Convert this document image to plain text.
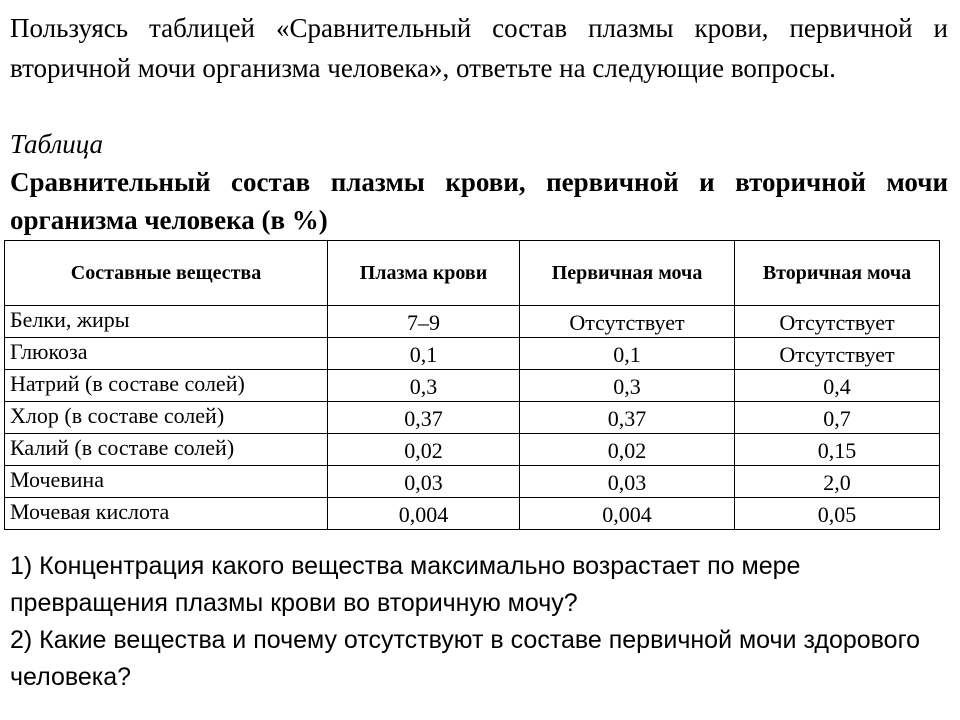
Пользуясь таблицей «Сравнительный состав плазмы крови, первичной и вторичной мочи организма человека», ответьте на следующие вопросы.
Таблица
Сравнительный состав плазмы крови, первичной и вторичной мочи организма человека (в %)
Составные вещества	Плазма крови	Первичная моча	Вторичная моча
Белки, жиры	7–9	Отсутствует	Отсутствует
Глюкоза	0,1	0,1	Отсутствует
Натрий (в составе солей)	0,3	0,3	0,4
Хлор (в составе солей)	0,37	0,37	0,7
Калий (в составе солей)	0,02	0,02	0,15
Мочевина	0,03	0,03	2,0
Мочевая кислота	0,004	0,004	0,05

1) Концентрация какого вещества максимально возрастает по мере превращения плазмы крови во вторичную мочу?

2) Какие вещества и почему отсутствуют в составе первичной мочи здорового человека?
